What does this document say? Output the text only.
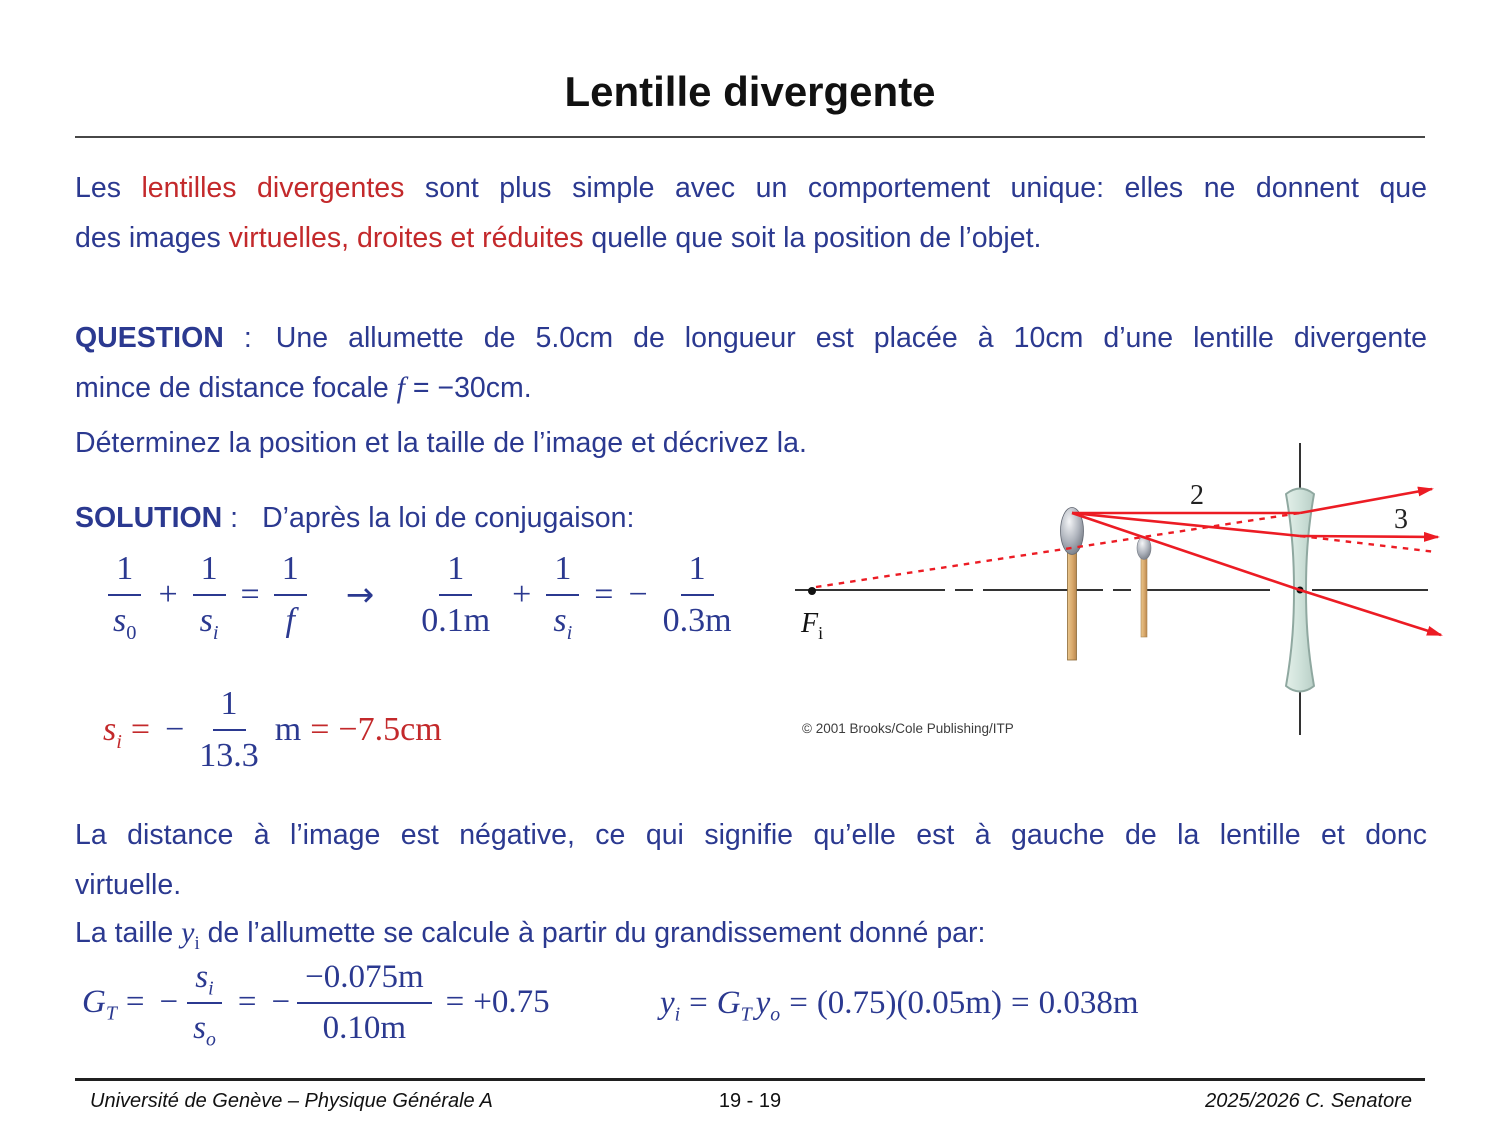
Lentille divergente
Les lentilles divergentes sont plus simple avec un comportement unique: elles ne donnent que
des images virtuelles, droites et réduites quelle que soit la position de l’objet.
QUESTION : Une allumette de 5.0cm de longueur est placée à 10cm d’une lentille divergente
mince de distance focale f = −30cm.
Déterminez la position et la taille de l’image et décrivez la.
SOLUTION : D’après la loi de conjugaison:
$\frac{1}{s_0} + \frac{1}{s_i} = \frac{1}{f} \to \frac{1}{0.1m} + \frac{1}{s_i}$ = − $\frac{1}{0.3m}$
$s_i$ = − $\frac{1}{13.3}$ m = −7.5cm
$F_i$
2
3
© 2001 Brooks/Cole Publishing/ITP
La distance à l’image est négative, ce qui signifie qu’elle est à gauche de la lentille et donc
virtuelle.
La taille $y_i$ de l’allumette se calcule à partir du grandissement donné par:
$G_T$ = − $\frac{s_i}{s_o}$ = − $\frac{-0.075m}{0.10m} = +0.75$	$y_i = G_T$ $y_o = (0.75)(0.05m) = 0.038m$
Université de Genève – Physique Générale A	19 - 19	2025/2026 C. Senatore
